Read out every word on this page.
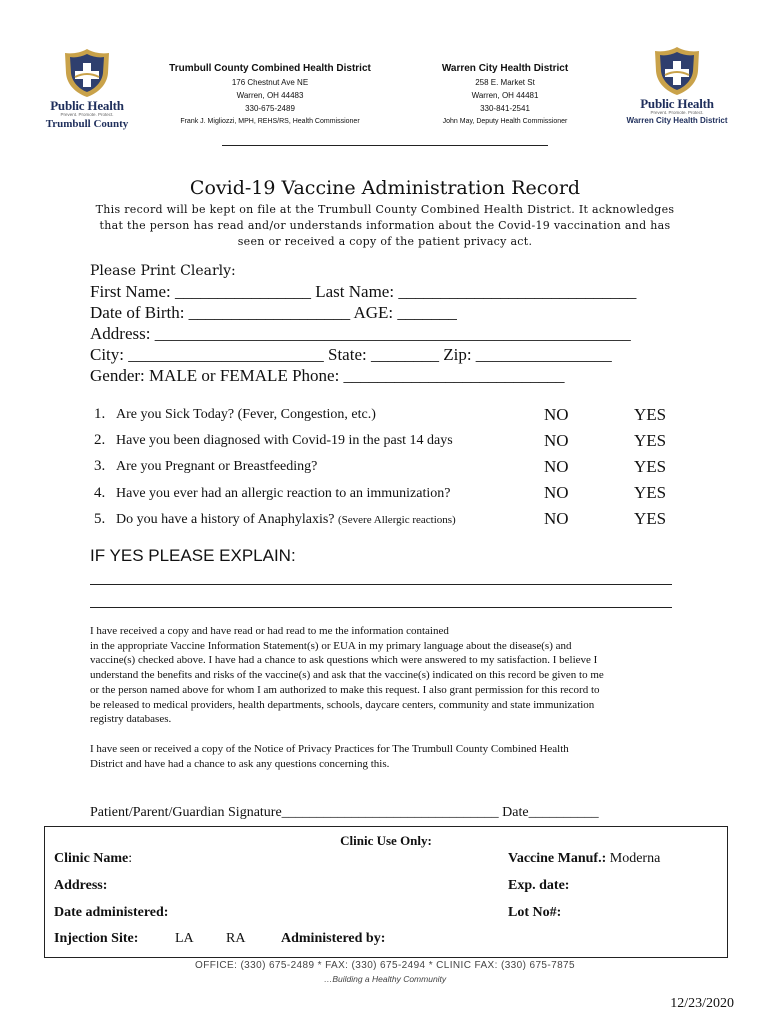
Public Health
Prevent. Promote. Protect.
Trumbull County
Trumbull County Combined Health District
176 Chestnut Ave NE
Warren, OH 44483
330-675-2489
Frank J. Migliozzi, MPH, REHS/RS, Health Commissioner
Warren City Health District
258 E. Market St
Warren, OH 44481
330-841-2541
John May, Deputy Health Commissioner
Public Health
Prevent. Promote. Protect.
Warren City Health District
Covid-19 Vaccine Administration Record
This record will be kept on file at the Trumbull County Combined Health District. It acknowledges that the person has read and/or understands information about the Covid-19 vaccination and has seen or received a copy of the patient privacy act.
Please Print Clearly:
First Name: ________________ Last Name: ____________________________
Date of Birth: ___________________ AGE: _______
Address: ________________________________________________________
City: _______________________ State: ________ Zip: ________________
Gender: MALE or FEMALE Phone: __________________________
1. Are you Sick Today? (Fever, Congestion, etc.)	NO	YES
2. Have you been diagnosed with Covid-19 in the past 14 days	NO	YES
3. Are you Pregnant or Breastfeeding?	NO	YES
4. Have you ever had an allergic reaction to an immunization?	NO	YES
5. Do you have a history of Anaphylaxis? (Severe Allergic reactions)	NO	YES
IF YES PLEASE EXPLAIN:
I have received a copy and have read or had read to me the information contained
in the appropriate Vaccine Information Statement(s) or EUA in my primary language about the disease(s) and
vaccine(s) checked above. I have had a chance to ask questions which were answered to my satisfaction. I believe I
understand the benefits and risks of the vaccine(s) and ask that the vaccine(s) indicated on this record be given to me
or the person named above for whom I am authorized to make this request. I also grant permission for this record to
be released to medical providers, health departments, schools, daycare centers, community and state immunization
registry databases.
I have seen or received a copy of the Notice of Privacy Practices for The Trumbull County Combined Health
District and have had a chance to ask any questions concerning this.
Patient/Parent/Guardian Signature_______________________________ Date__________
Clinic Use Only:
Clinic Name:	Vaccine Manuf.: Moderna
Address:	Exp. date:
Date administered:	Lot No#:
Injection Site:	LA RA	Administered by:
OFFICE: (330) 675-2489 * FAX: (330) 675-2494 * CLINIC FAX: (330) 675-7875
…Building a Healthy Community
12/23/2020
